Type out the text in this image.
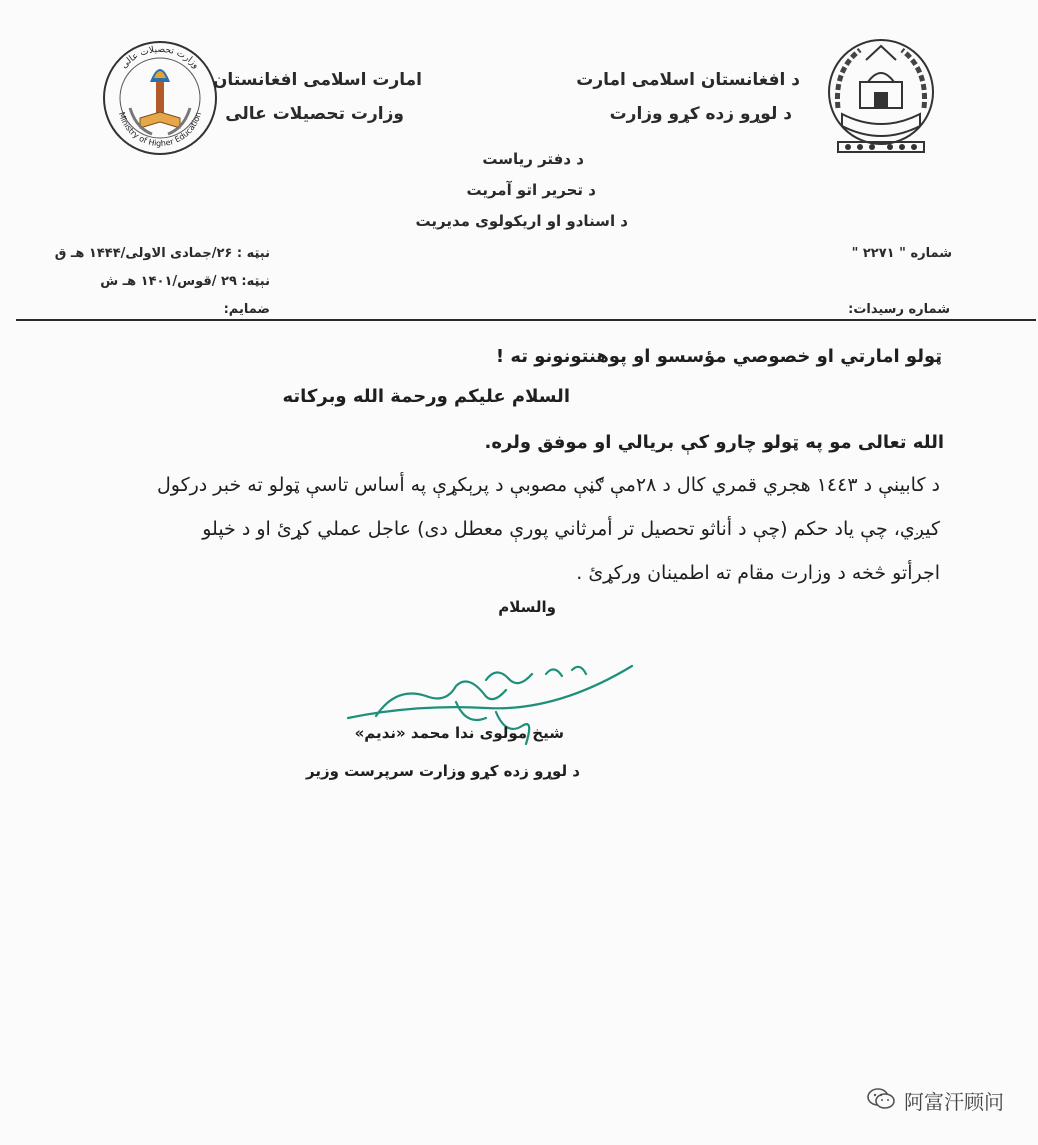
وزارت تحصیلات عالی
Ministry of Higher Education
امارت اسلامی افغانستان
وزارت تحصیلات عالی
د افغانستان اسلامی امارت
د لوړو زده کړو وزارت
د دفتر ریاست
د تحریر اتو آمریت
د اسنادو او اریکولوی مدیریت
شماره " ۲۲۷۱ "
نېټه : ۲۶/جمادی الاولی/۱۴۴۴ هـ ق
نېټه: ۲۹ /قوس/۱۴۰۱ هـ ش
شماره رسیدات:
ضمایم:
ټولو امارتي او خصوصي مؤسسو او پوهنتونونو ته !
السلام علیکم ورحمة الله وبرکاته
الله تعالی مو په ټولو چارو کې بریالي او موفق ولره.
د کابینې د ١٤٤٣ هجري قمري کال د ٢٨مې ګڼې مصوبې د پرېکړې په أساس تاسې ټولو ته خبر درکول
کیږي، چې یاد حکم (چې د أناثو تحصیل تر أمرثاني پورې معطل دی) عاجل عملي کړئ او د خپلو
اجرأتو څخه د وزارت مقام ته اطمینان ورکړئ .
والسلام
شیخ مولوی ندا محمد «ندیم»
د لوړو زده کړو وزارت سرپرست وزیر
阿富汗顾问
